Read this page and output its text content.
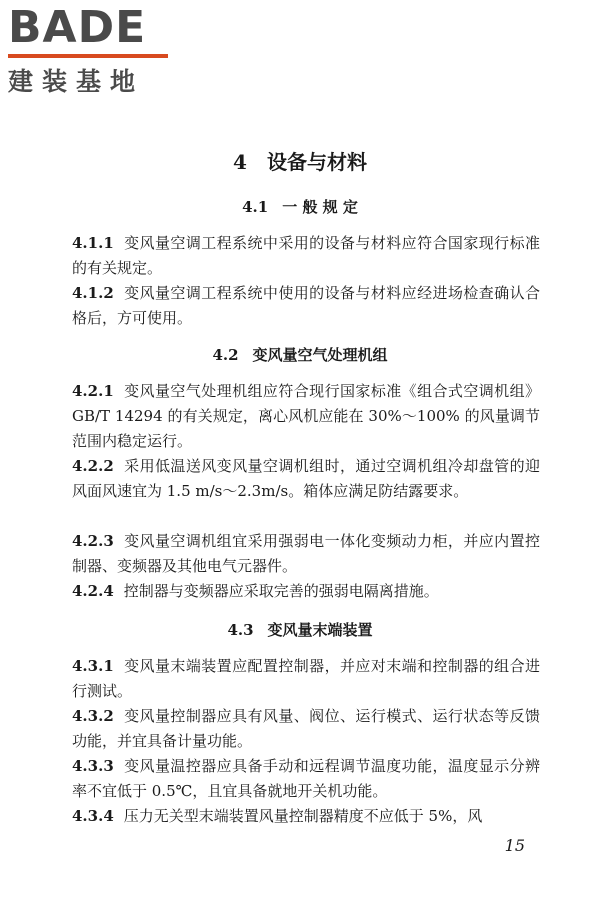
BADE
建装基地
4 设备与材料
4.1 一 般 规 定
4.1.1 变风量空调工程系统中采用的设备与材料应符合国家现行标准的有关规定。
4.1.2 变风量空调工程系统中使用的设备与材料应经进场检查确认合格后，方可使用。
4.2 变风量空气处理机组
4.2.1 变风量空气处理机组应符合现行国家标准《组合式空调机组》GB/T 14294 的有关规定，离心风机应能在 30%～100% 的风量调节范围内稳定运行。
4.2.2 采用低温送风变风量空调机组时，通过空调机组冷却盘管的迎风面风速宜为 1.5 m/s～2.3m/s。箱体应满足防结露要求。
4.2.3 变风量空调机组宜采用强弱电一体化变频动力柜，并应内置控制器、变频器及其他电气元器件。
4.2.4 控制器与变频器应采取完善的强弱电隔离措施。
4.3 变风量末端装置
4.3.1 变风量末端装置应配置控制器，并应对末端和控制器的组合进行测试。
4.3.2 变风量控制器应具有风量、阀位、运行模式、运行状态等反馈功能，并宜具备计量功能。
4.3.3 变风量温控器应具备手动和远程调节温度功能，温度显示分辨率不宜低于 0.5℃，且宜具备就地开关机功能。
4.3.4 压力无关型末端装置风量控制器精度不应低于 5%，风
15
